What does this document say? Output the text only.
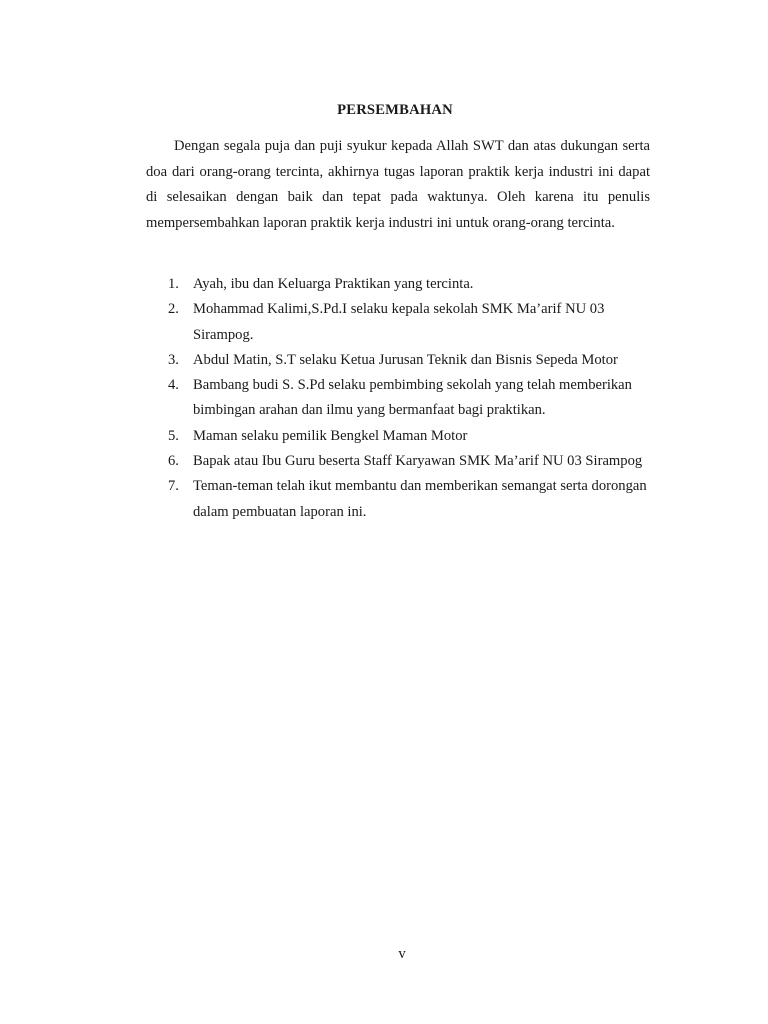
PERSEMBAHAN

Dengan segala puja dan puji syukur kepada Allah SWT dan atas dukungan serta doa dari orang-orang tercinta, akhirnya tugas laporan praktik kerja industri ini dapat di selesaikan dengan baik dan tepat pada waktunya. Oleh karena itu penulis mempersembahkan laporan praktik kerja industri ini untuk orang-orang tercinta.

1. Ayah, ibu dan Keluarga Praktikan yang tercinta.
2. Mohammad Kalimi,S.Pd.I selaku kepala sekolah SMK Ma’arif NU 03 Sirampog.
3. Abdul Matin, S.T selaku Ketua Jurusan Teknik dan Bisnis Sepeda Motor
4. Bambang budi S. S.Pd selaku pembimbing sekolah yang telah memberikan bimbingan arahan dan ilmu yang bermanfaat bagi praktikan.
5. Maman selaku pemilik Bengkel Maman Motor
6. Bapak atau Ibu Guru beserta Staff Karyawan SMK Ma’arif NU 03 Sirampog
7. Teman-teman telah ikut membantu dan memberikan semangat serta dorongan dalam pembuatan laporan ini.
v
